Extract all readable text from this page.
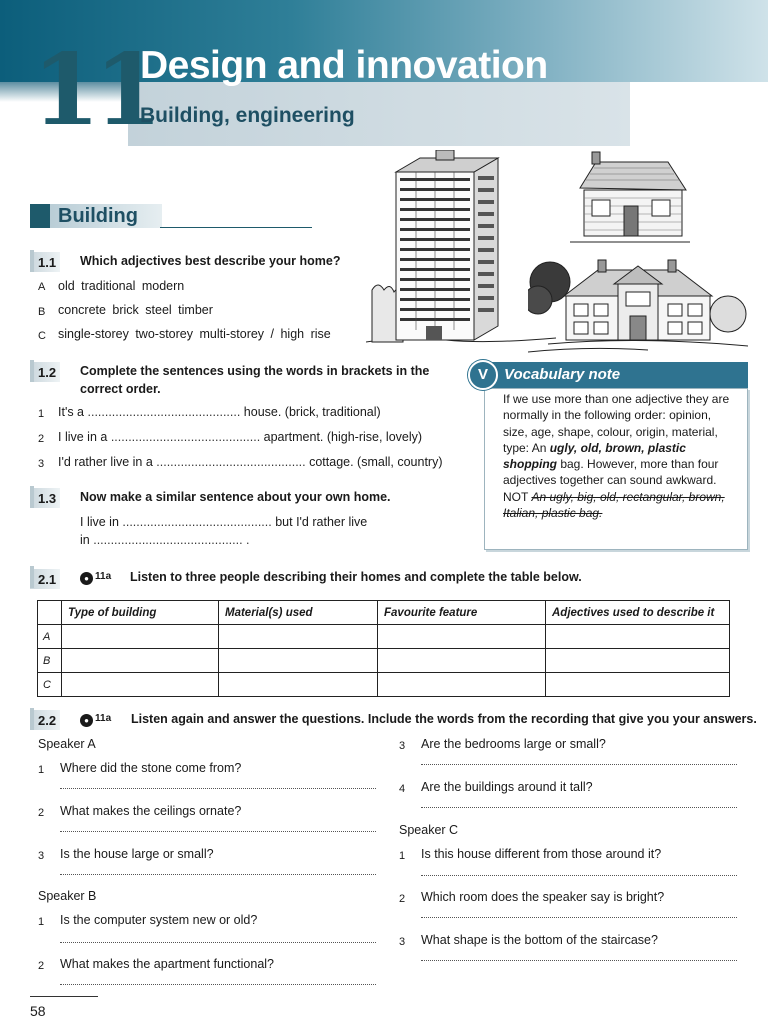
11
Design and innovation
Building, engineering
Building
1.1 Which adjectives best describe your home?
A old traditional modern
B concrete brick steel timber
C single-storey two-storey multi-storey / high rise
1.2 Complete the sentences using the words in brackets in the
correct order.
1 It's a ............................................ house. (brick, traditional)
2 I live in a ........................................... apartment. (high-rise, lovely)
3 I'd rather live in a ........................................... cottage. (small, country)
1.3 Now make a similar sentence about your own home.
I live in ........................................... but I'd rather live
in ........................................... .
V	Vocabulary note
If we use more than one adjective they are normally in the following order: opinion, size, age, shape, colour, origin, material, type: An ugly, old, brown, plastic shopping bag. However, more than four adjectives together can sound awkward. NOT An ugly, big, old, rectangular, brown, Italian, plastic bag.
2.1	● 11a Listen to three people describing their homes and complete the table below.
	Type of building	Material(s) used	Favourite feature	Adjectives used to describe it
A				
B				
C				
2.2	● 11a Listen again and answer the questions. Include the words from the recording that give you your answers.
Speaker A
1 Where did the stone come from?
2 What makes the ceilings ornate?
3 Is the house large or small?
Speaker B
1 Is the computer system new or old?
2 What makes the apartment functional?
3 Are the bedrooms large or small?
4 Are the buildings around it tall?
Speaker C
1 Is this house different from those around it?
2 Which room does the speaker say is bright?
3 What shape is the bottom of the staircase?
58
